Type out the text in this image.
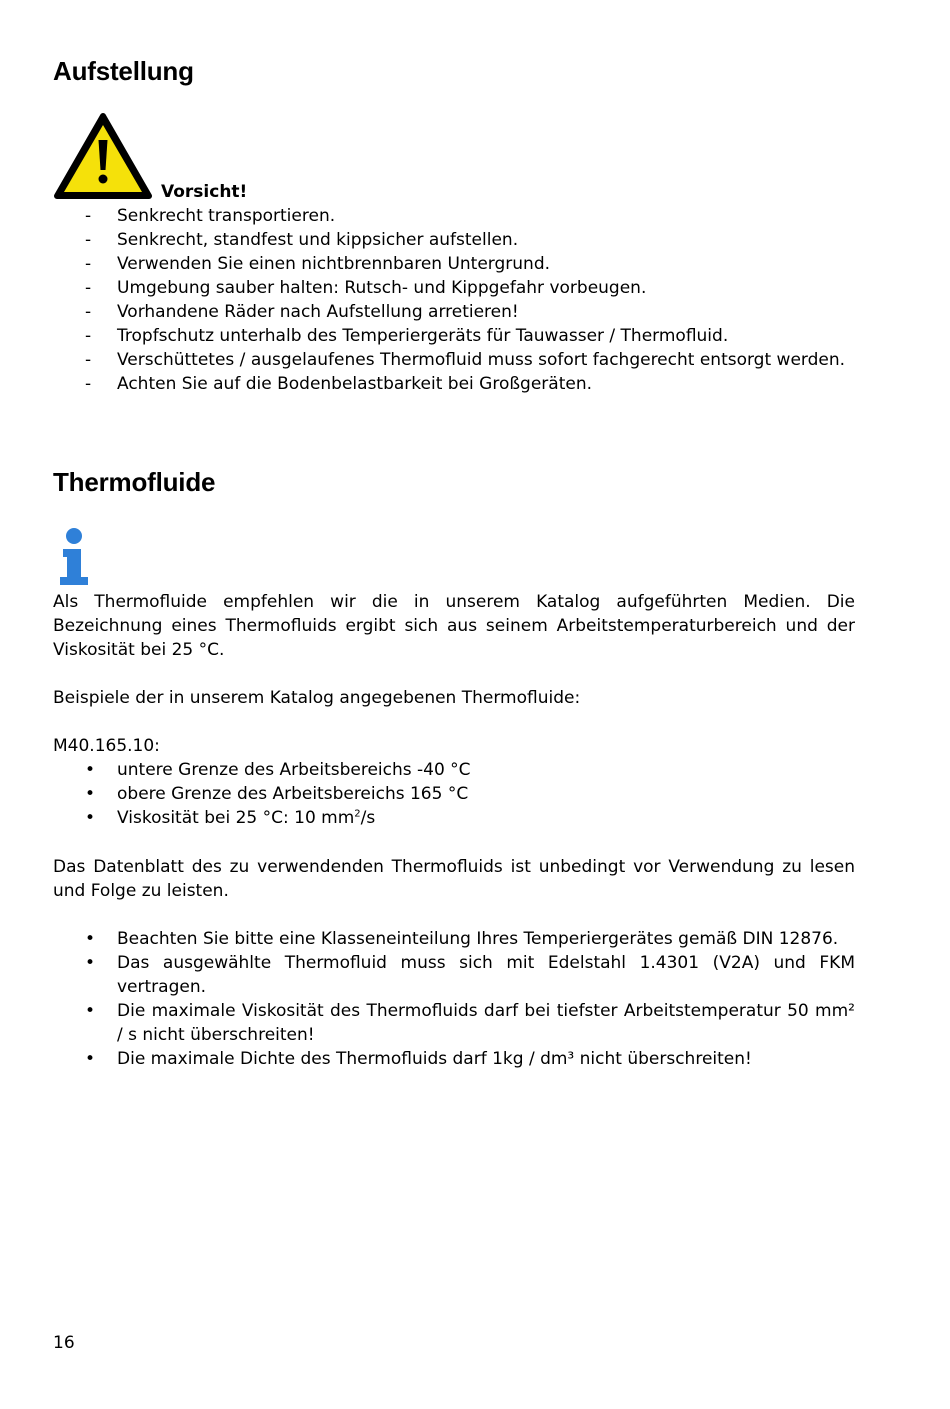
Aufstellung
Vorsicht!
- Senkrecht transportieren.
- Senkrecht, standfest und kippsicher aufstellen.
- Verwenden Sie einen nichtbrennbaren Untergrund.
- Umgebung sauber halten: Rutsch- und Kippgefahr vorbeugen.
- Vorhandene Räder nach Aufstellung arretieren!
- Tropfschutz unterhalb des Temperiergeräts für Tauwasser / Thermofluid.
- Verschüttetes / ausgelaufenes Thermofluid muss sofort fachgerecht entsorgt werden.
- Achten Sie auf die Bodenbelastbarkeit bei Großgeräten.
Thermofluide

Als Thermofluide empfehlen wir die in unserem Katalog aufgeführten Medien. Die Bezeichnung eines Thermofluids ergibt sich aus seinem Arbeitstemperaturbereich und der Viskosität bei 25 °C.

Beispiele der in unserem Katalog angegebenen Thermofluide:

M40.165.10:

• untere Grenze des Arbeitsbereichs -40 °C
• obere Grenze des Arbeitsbereichs 165 °C
• Viskosität bei 25 °C: 10 $mm^2/s$

Das Datenblatt des zu verwendenden Thermofluids ist unbedingt vor Verwendung zu lesen und Folge zu leisten.

• Beachten Sie bitte eine Klasseneinteilung Ihres Temperiergerätes gemäß DIN 12876.
• Das ausgewählte Thermofluid muss sich mit Edelstahl 1.4301 (V2A) und FKM vertragen.
• Die maximale Viskosität des Thermofluids darf bei tiefster Arbeitstemperatur 50 mm² / s nicht überschreiten!
• Die maximale Dichte des Thermofluids darf 1kg / dm³ nicht überschreiten!
16
